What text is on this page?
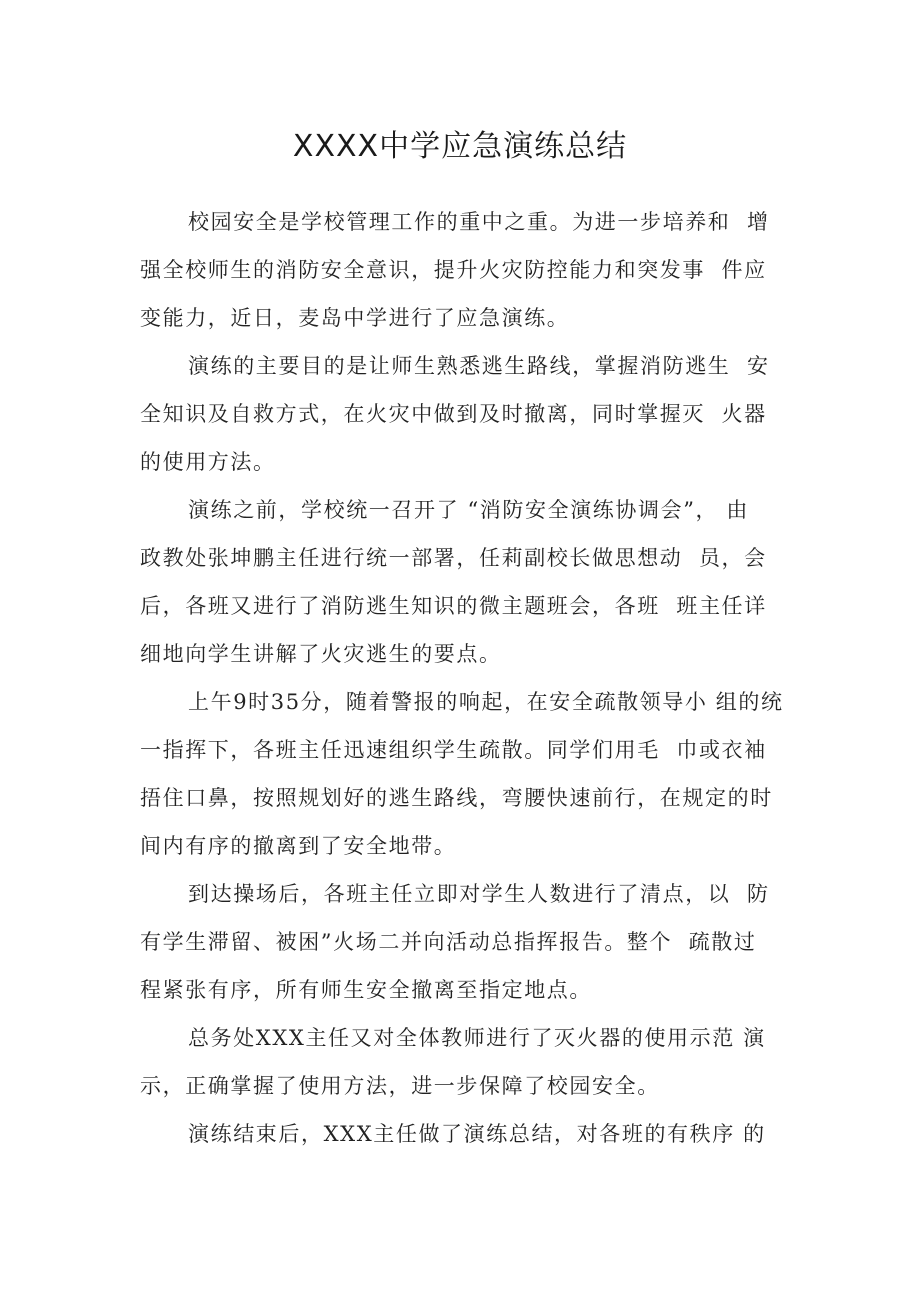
XXXX中学应急演练总结
校园安全是学校管理工作的重中之重。为进一步培养和  增
强全校师生的消防安全意识，提升火灾防控能力和突发事  件应
变能力，近日，麦岛中学进行了应急演练。
演练的主要目的是让师生熟悉逃生路线，掌握消防逃生  安
全知识及自救方式，在火灾中做到及时撤离，同时掌握灭  火器
的使用方法。
演练之前，学校统一召开了 “消防安全演练协调会”， 由
政教处张坤鹏主任进行统一部署，任莉副校长做思想动  员，会
后，各班又进行了消防逃生知识的微主题班会，各班  班主任详
细地向学生讲解了火灾逃生的要点。
上午9时35分，随着警报的响起，在安全疏散领导小 组的统
一指挥下，各班主任迅速组织学生疏散。同学们用毛  巾或衣袖
捂住口鼻，按照规划好的逃生路线，弯腰快速前行，在规定的时
间内有序的撤离到了安全地带。
到达操场后，各班主任立即对学生人数进行了清点，以  防
有学生滞留、被困”火场二并向活动总指挥报告。整个  疏散过
程紧张有序，所有师生安全撤离至指定地点。
总务处XXX主任又对全体教师进行了灭火器的使用示范 演
示，正确掌握了使用方法，进一步保障了校园安全。
演练结束后，XXX主任做了演练总结，对各班的有秩序 的
